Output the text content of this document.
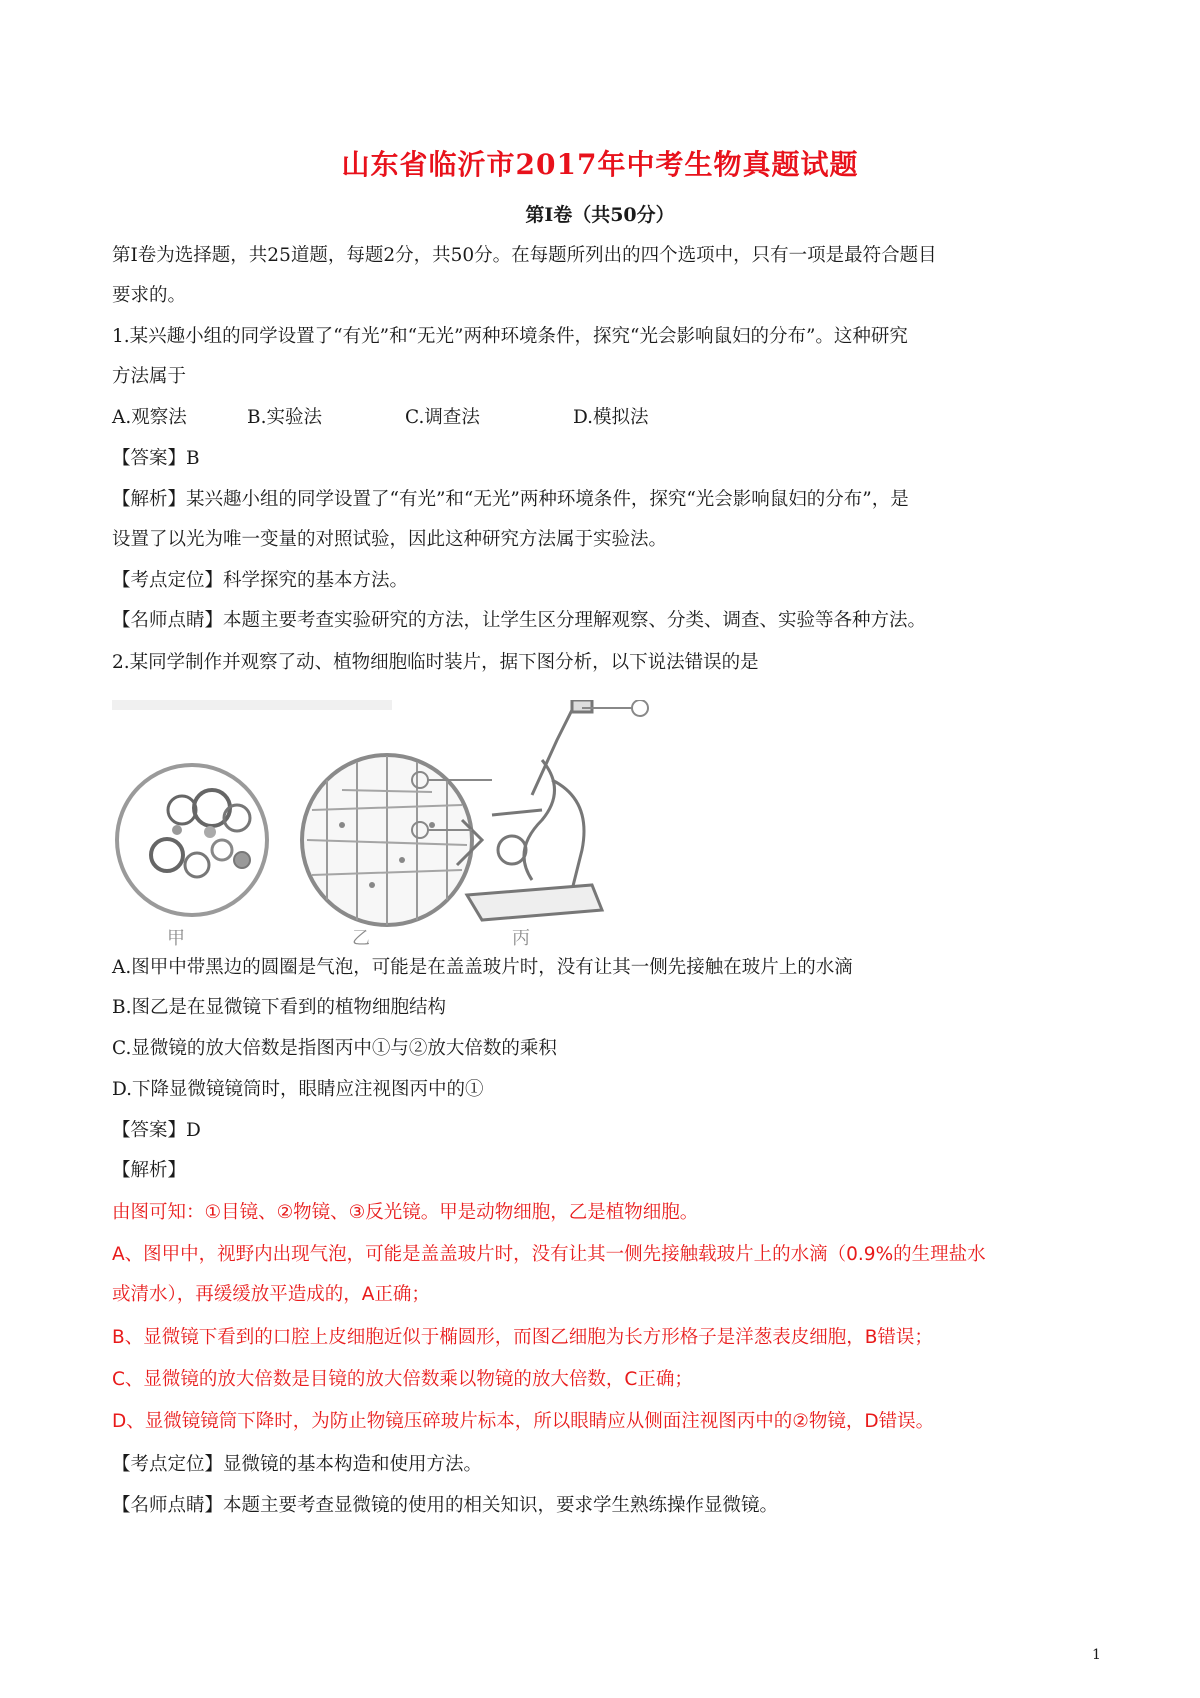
山东省临沂市2017年中考生物真题试题
第Ⅰ卷（共50分）
第Ⅰ卷为选择题，共25道题，每题2分，共50分。在每题所列出的四个选项中，只有一项是最符合题目
要求的。
1.某兴趣小组的同学设置了“有光”和“无光”两种环境条件，探究“光会影响鼠妇的分布”。这种研究
方法属于
A.观察法	B.实验法	C.调查法	D.模拟法
【答案】B
【解析】某兴趣小组的同学设置了“有光”和“无光”两种环境条件，探究“光会影响鼠妇的分布”，是
设置了以光为唯一变量的对照试验，因此这种研究方法属于实验法。
【考点定位】科学探究的基本方法。
【名师点睛】本题主要考查实验研究的方法，让学生区分理解观察、分类、调查、实验等各种方法。
2.某同学制作并观察了动、植物细胞临时装片，据下图分析，以下说法错误的是
甲	乙	丙
A.图甲中带黑边的圆圈是气泡，可能是在盖盖玻片时，没有让其一侧先接触在玻片上的水滴
B.图乙是在显微镜下看到的植物细胞结构
C.显微镜的放大倍数是指图丙中①与②放大倍数的乘积
D.下降显微镜镜筒时，眼睛应注视图丙中的①
【答案】D
【解析】
由图可知：①目镜、②物镜、③反光镜。甲是动物细胞，乙是植物细胞。
A、图甲中，视野内出现气泡，可能是盖盖玻片时，没有让其一侧先接触载玻片上的水滴（0.9%的生理盐水
或清水），再缓缓放平造成的，A正确；
B、显微镜下看到的口腔上皮细胞近似于椭圆形，而图乙细胞为长方形格子是洋葱表皮细胞，B错误；
C、显微镜的放大倍数是目镜的放大倍数乘以物镜的放大倍数，C正确；
D、显微镜镜筒下降时，为防止物镜压碎玻片标本，所以眼睛应从侧面注视图丙中的②物镜，D错误。
【考点定位】显微镜的基本构造和使用方法。
【名师点睛】本题主要考查显微镜的使用的相关知识，要求学生熟练操作显微镜。
1
